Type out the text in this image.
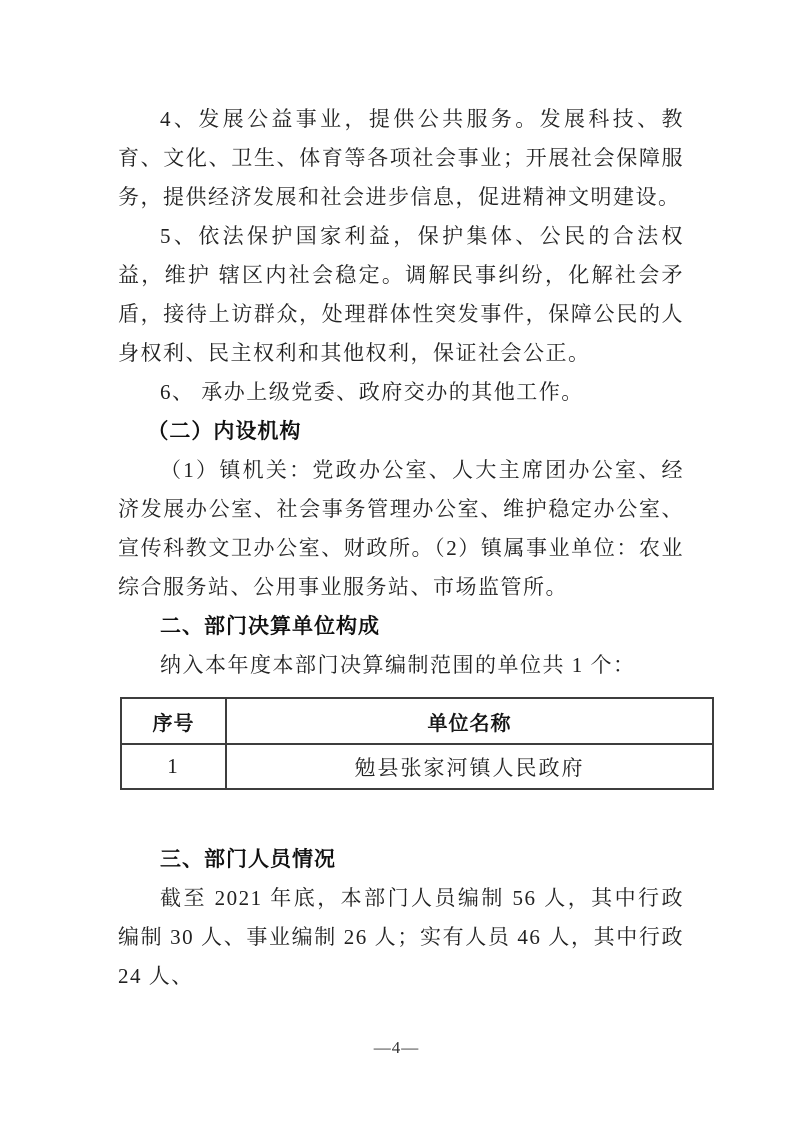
4、发展公益事业，提供公共服务。发展科技、教育、文化、卫生、体育等各项社会事业；开展社会保障服务，提供经济发展和社会进步信息，促进精神文明建设。

5、依法保护国家利益，保护集体、公民的合法权益，维护 辖区内社会稳定。调解民事纠纷，化解社会矛盾，接待上访群众，处理群体性突发事件，保障公民的人身权利、民主权利和其他权利，保证社会公正。

6、 承办上级党委、政府交办的其他工作。

（二）内设机构

（1）镇机关：党政办公室、人大主席团办公室、经济发展办公室、社会事务管理办公室、维护稳定办公室、宣传科教文卫办公室、财政所。（2）镇属事业单位：农业综合服务站、公用事业服务站、市场监管所。

二、部门决算单位构成

纳入本年度本部门决算编制范围的单位共 1 个：

序号	单位名称
1	勉县张家河镇人民政府

三、部门人员情况

截至 2021 年底，本部门人员编制 56 人，其中行政编制 30 人、事业编制 26 人；实有人员 46 人，其中行政 24 人、

—4—
